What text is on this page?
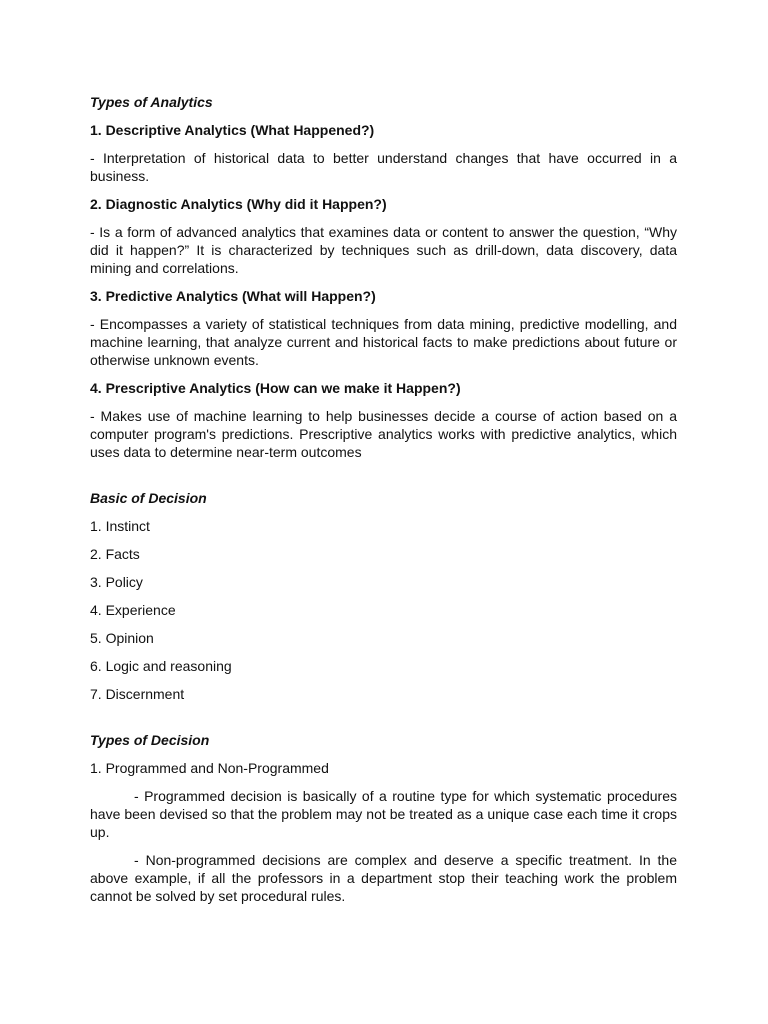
Types of Analytics

1. Descriptive Analytics (What Happened?)

- Interpretation of historical data to better understand changes that have occurred in a business.

2. Diagnostic Analytics (Why did it Happen?)

- Is a form of advanced analytics that examines data or content to answer the question, “Why did it happen?” It is characterized by techniques such as drill-down, data discovery, data mining and correlations.

3. Predictive Analytics (What will Happen?)

- Encompasses a variety of statistical techniques from data mining, predictive modelling, and machine learning, that analyze current and historical facts to make predictions about future or otherwise unknown events.

4. Prescriptive Analytics (How can we make it Happen?)

- Makes use of machine learning to help businesses decide a course of action based on a computer program's predictions. Prescriptive analytics works with predictive analytics, which uses data to determine near-term outcomes

Basic of Decision

1. Instinct

2. Facts

3. Policy

4. Experience

5. Opinion

6. Logic and reasoning

7. Discernment

Types of Decision

1. Programmed and Non-Programmed

- Programmed decision is basically of a routine type for which systematic procedures have been devised so that the problem may not be treated as a unique case each time it crops up.

- Non-programmed decisions are complex and deserve a specific treatment. In the above example, if all the professors in a department stop their teaching work the problem cannot be solved by set procedural rules.
